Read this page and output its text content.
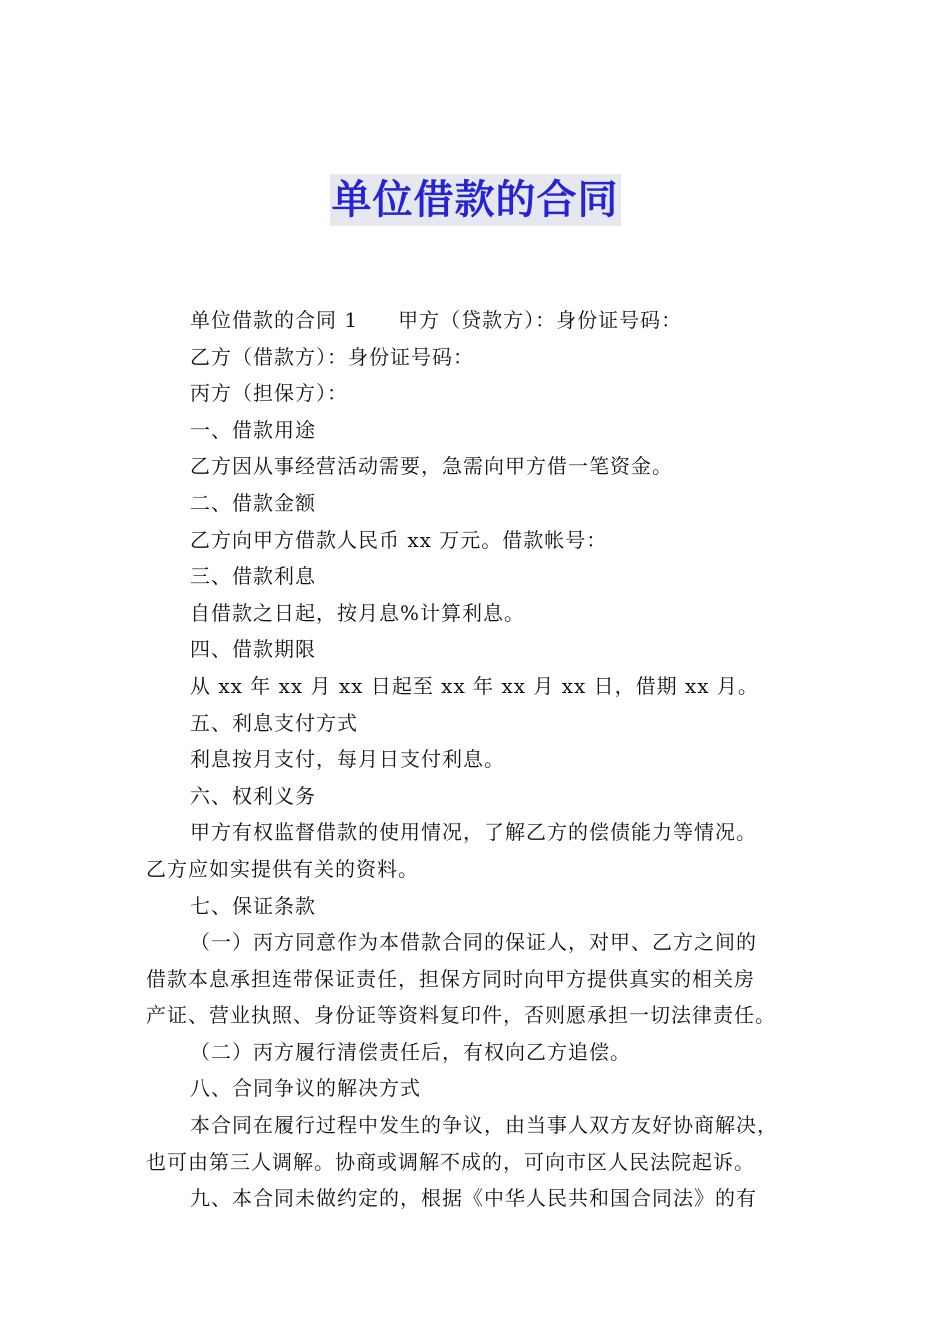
单位借款的合同
单位借款的合同 1 甲方（贷款方）：身份证号码：
乙方（借款方）：身份证号码：
丙方（担保方）：
一、借款用途
乙方因从事经营活动需要，急需向甲方借一笔资金。
二、借款金额
乙方向甲方借款人民币 xx 万元。借款帐号：
三、借款利息
自借款之日起，按月息%计算利息。
四、借款期限
从 xx 年 xx 月 xx 日起至 xx 年 xx 月 xx 日，借期 xx 月。
五、利息支付方式
利息按月支付，每月日支付利息。
六、权利义务
甲方有权监督借款的使用情况，了解乙方的偿债能力等情况。
乙方应如实提供有关的资料。
七、保证条款
（一）丙方同意作为本借款合同的保证人，对甲、乙方之间的
借款本息承担连带保证责任，担保方同时向甲方提供真实的相关房
产证、营业执照、身份证等资料复印件，否则愿承担一切法律责任。
（二）丙方履行清偿责任后，有权向乙方追偿。
八、合同争议的解决方式
本合同在履行过程中发生的争议，由当事人双方友好协商解决，
也可由第三人调解。协商或调解不成的，可向市区人民法院起诉。
九、本合同未做约定的，根据《中华人民共和国合同法》的有
